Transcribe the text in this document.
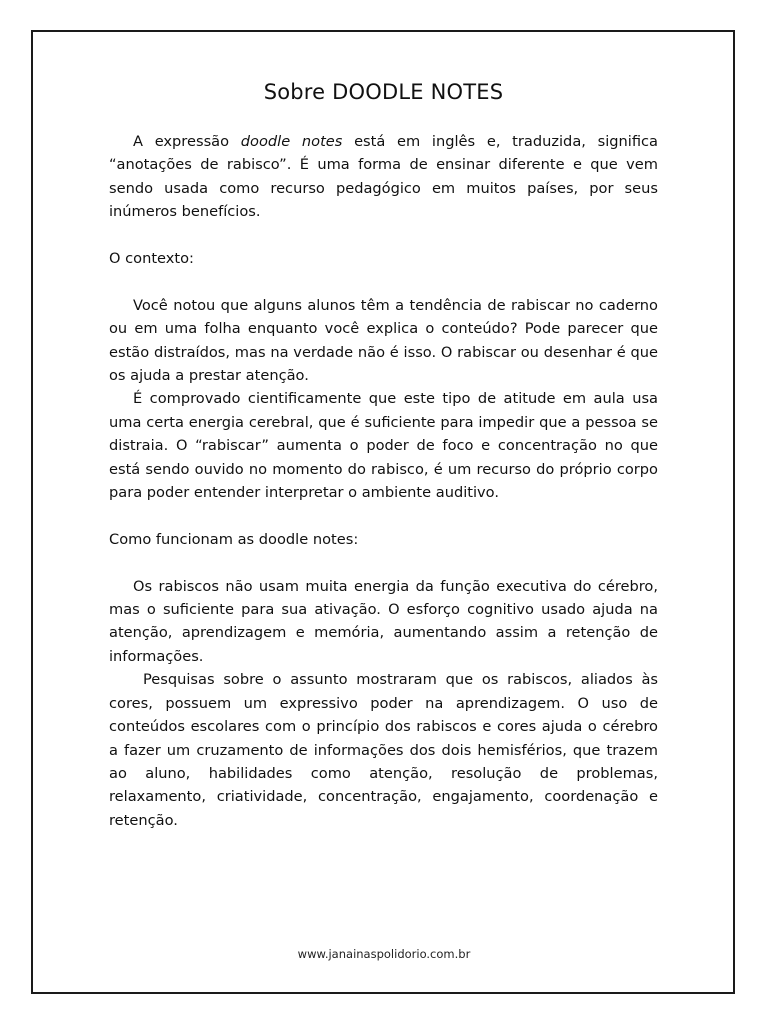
Sobre DOODLE NOTES

A expressão doodle notes está em inglês e, traduzida, significa “anotações de rabisco”. É uma forma de ensinar diferente e que vem sendo usada como recurso pedagógico em muitos países, por seus inúmeros benefícios.

O contexto:

Você notou que alguns alunos têm a tendência de rabiscar no caderno ou em uma folha enquanto você explica o conteúdo? Pode parecer que estão distraídos, mas na verdade não é isso. O rabiscar ou desenhar é que os ajuda a prestar atenção.

É comprovado cientificamente que este tipo de atitude em aula usa uma certa energia cerebral, que é suficiente para impedir que a pessoa se distraia. O “rabiscar” aumenta o poder de foco e concentração no que está sendo ouvido no momento do rabisco, é um recurso do próprio corpo para poder entender interpretar o ambiente auditivo.

Como funcionam as doodle notes:

Os rabiscos não usam muita energia da função executiva do cérebro, mas o suficiente para sua ativação. O esforço cognitivo usado ajuda na atenção, aprendizagem e memória, aumentando assim a retenção de informações.

Pesquisas sobre o assunto mostraram que os rabiscos, aliados às cores, possuem um expressivo poder na aprendizagem. O uso de conteúdos escolares com o princípio dos rabiscos e cores ajuda o cérebro a fazer um cruzamento de informações dos dois hemisférios, que trazem ao aluno, habilidades como atenção, resolução de problemas, relaxamento, criatividade, concentração, engajamento, coordenação e retenção.

www.janainaspolidorio.com.br
